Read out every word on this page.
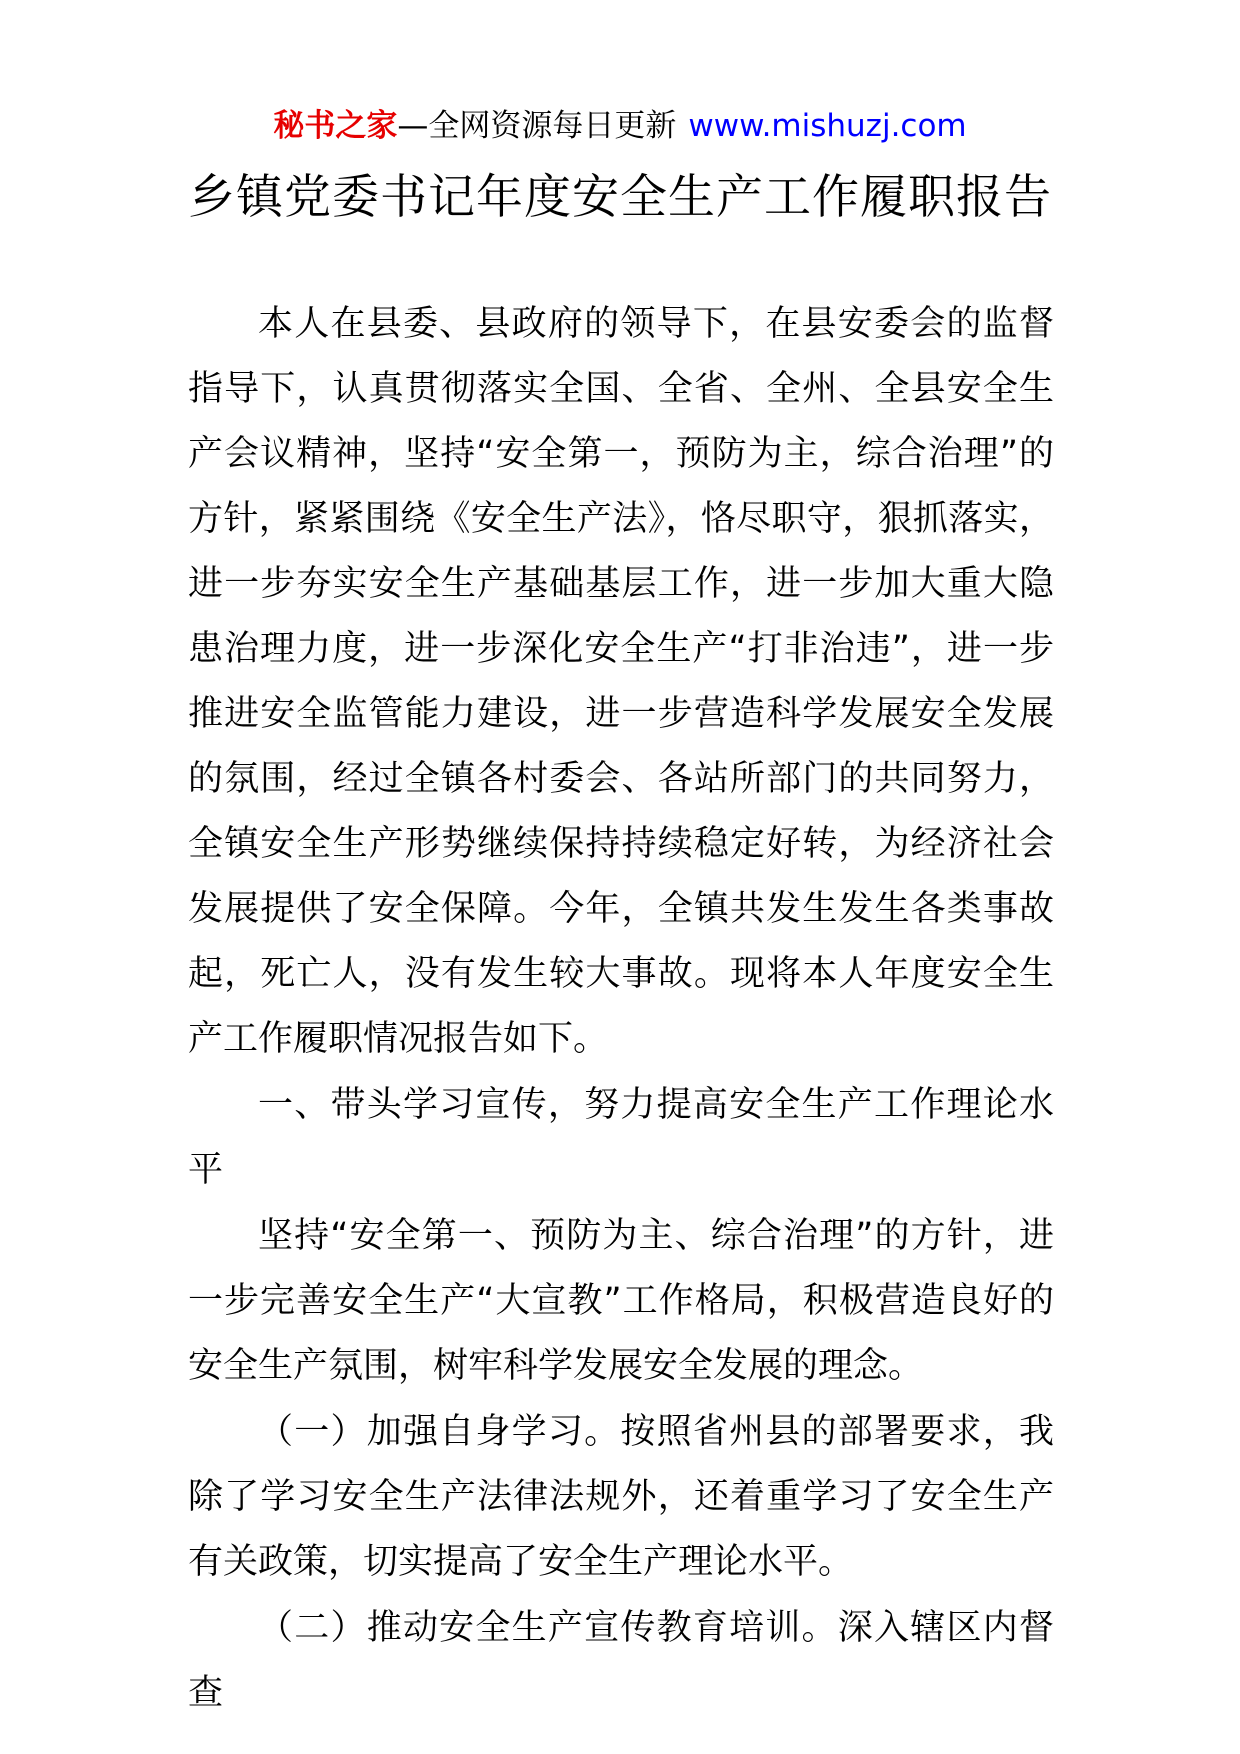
秘书之家—全网资源每日更新 www.mishuzj.com
乡镇党委书记年度安全生产工作履职报告

本人在县委、县政府的领导下，在县安委会的监督指导下，认真贯彻落实全国、全省、全州、全县安全生产会议精神，坚持“安全第一，预防为主，综合治理”的方针，紧紧围绕《安全生产法》，恪尽职守，狠抓落实，进一步夯实安全生产基础基层工作，进一步加大重大隐患治理力度，进一步深化安全生产“打非治违”，进一步推进安全监管能力建设，进一步营造科学发展安全发展的氛围，经过全镇各村委会、各站所部门的共同努力，全镇安全生产形势继续保持持续稳定好转，为经济社会发展提供了安全保障。今年，全镇共发生发生各类事故起，死亡人，没有发生较大事故。现将本人年度安全生产工作履职情况报告如下。

一、带头学习宣传，努力提高安全生产工作理论水平

坚持“安全第一、预防为主、综合治理”的方针，进一步完善安全生产“大宣教”工作格局，积极营造良好的安全生产氛围，树牢科学发展安全发展的理念。

（一）加强自身学习。按照省州县的部署要求，我除了学习安全生产法律法规外，还着重学习了安全生产有关政策，切实提高了安全生产理论水平。

（二）推动安全生产宣传教育培训。深入辖区内督查
